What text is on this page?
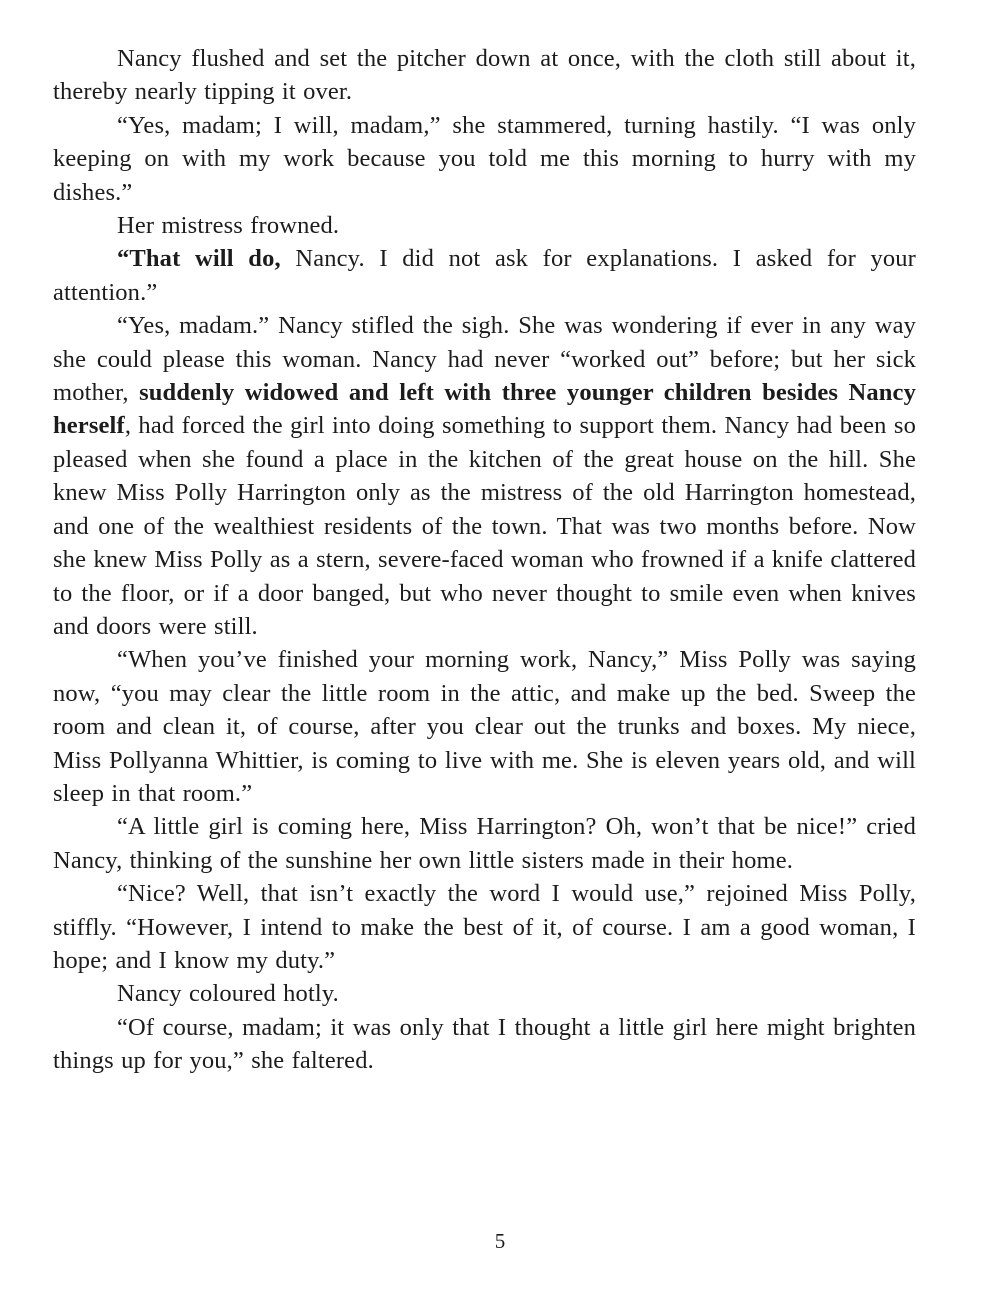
Nancy flushed and set the pitcher down at once, with the cloth still about it, thereby nearly tipping it over.

“Yes, madam; I will, madam,” she stammered, turning hastily. “I was only keeping on with my work because you told me this morning to hurry with my dishes.”

Her mistress frowned.

“That will do, Nancy. I did not ask for explanations. I asked for your attention.”

“Yes, madam.” Nancy stifled the sigh. She was wondering if ever in any way she could please this woman. Nancy had never “worked out” before; but her sick mother, suddenly widowed and left with three younger children besides Nancy herself, had forced the girl into doing something to support them. Nancy had been so pleased when she found a place in the kitchen of the great house on the hill. She knew Miss Polly Harrington only as the mistress of the old Harrington homestead, and one of the wealthiest residents of the town. That was two months before. Now she knew Miss Polly as a stern, severe-faced woman who frowned if a knife clattered to the floor, or if a door banged, but who never thought to smile even when knives and doors were still.

“When you’ve finished your morning work, Nancy,” Miss Polly was saying now, “you may clear the little room in the attic, and make up the bed. Sweep the room and clean it, of course, after you clear out the trunks and boxes. My niece, Miss Pollyanna Whittier, is coming to live with me. She is eleven years old, and will sleep in that room.”

“A little girl is coming here, Miss Harrington? Oh, won’t that be nice!” cried Nancy, thinking of the sunshine her own little sisters made in their home.

“Nice? Well, that isn’t exactly the word I would use,” rejoined Miss Polly, stiffly. “However, I intend to make the best of it, of course. I am a good woman, I hope; and I know my duty.”

Nancy coloured hotly.

“Of course, madam; it was only that I thought a little girl here might brighten things up for you,” she faltered.

5
